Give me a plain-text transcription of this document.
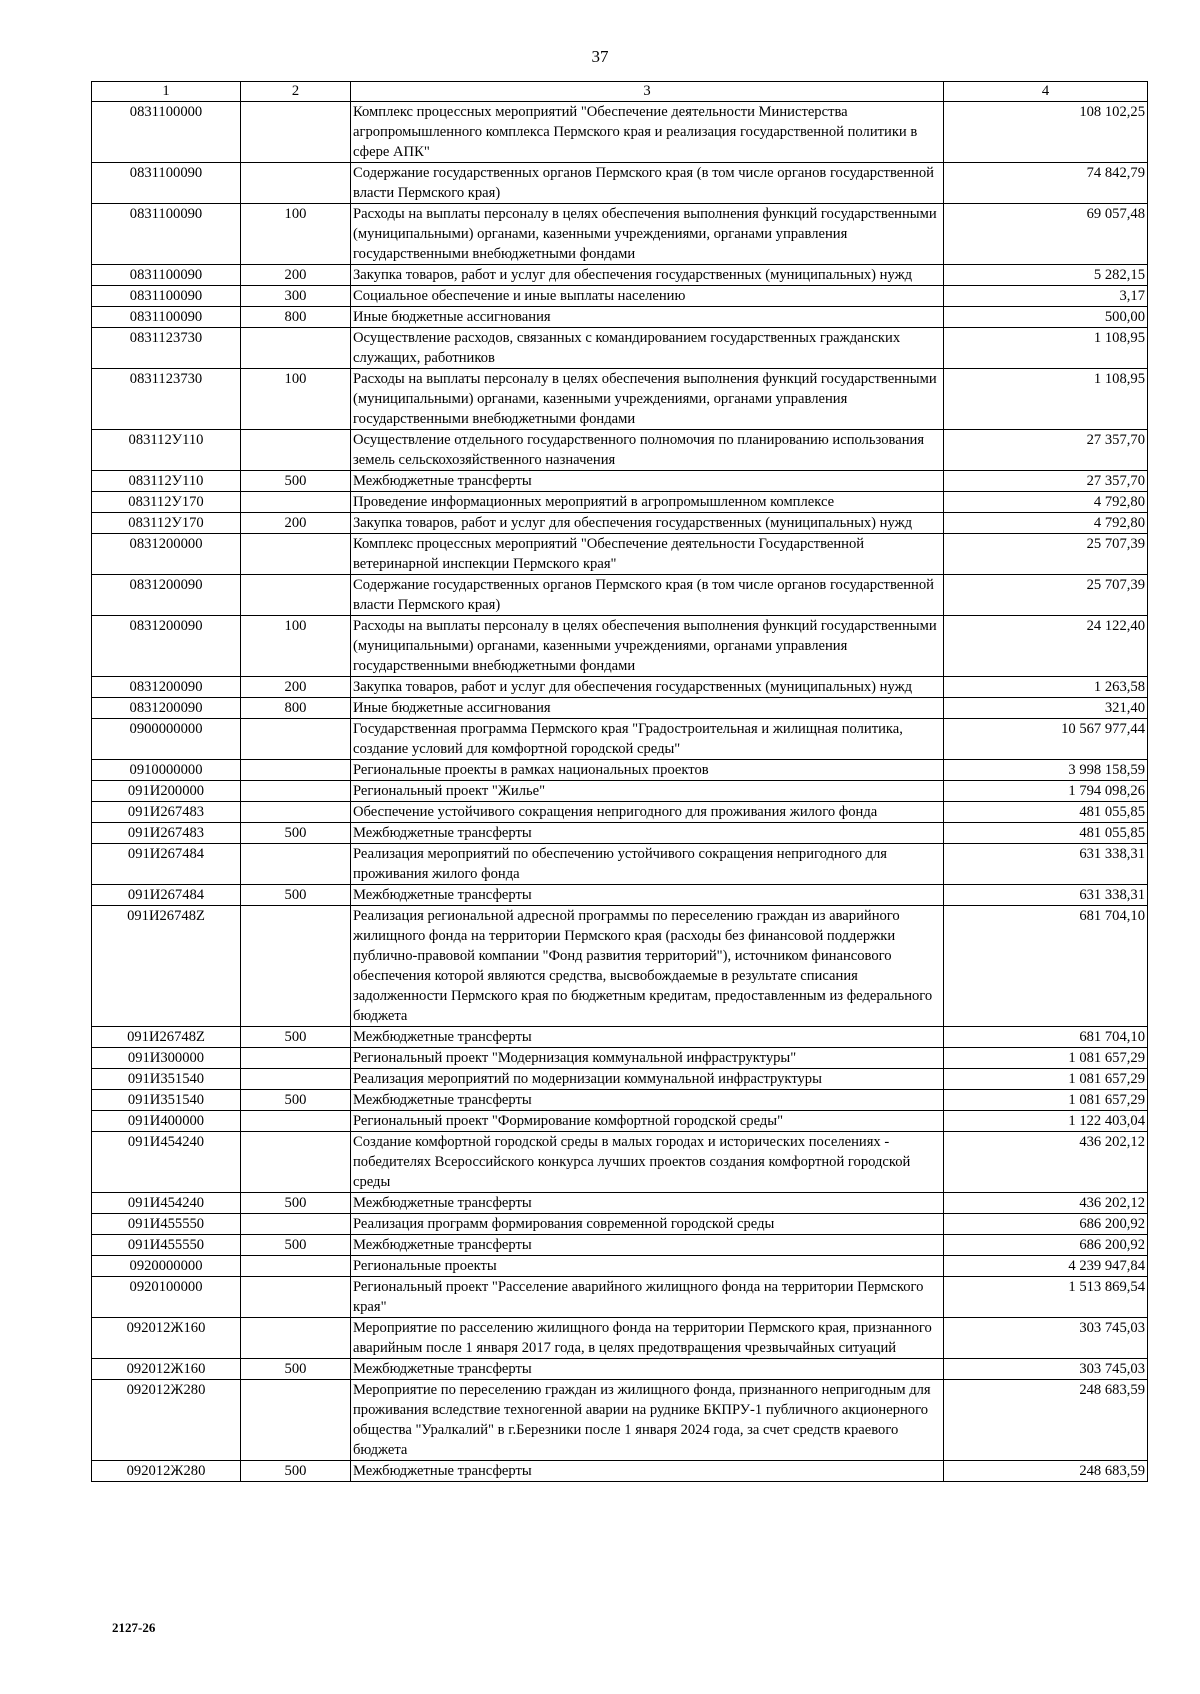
37
1	2	3	4
0831100000		Комплекс процессных мероприятий "Обеспечение деятельности Министерства агропромышленного комплекса Пермского края и реализация государственной политики в сфере АПК"	108 102,25
0831100090		Содержание государственных органов Пермского края (в том числе органов государственной власти Пермского края)	74 842,79
0831100090	100	Расходы на выплаты персоналу в целях обеспечения выполнения функций государственными (муниципальными) органами, казенными учреждениями, органами управления государственными внебюджетными фондами	69 057,48
0831100090	200	Закупка товаров, работ и услуг для обеспечения государственных (муниципальных) нужд	5 282,15
0831100090	300	Социальное обеспечение и иные выплаты населению	3,17
0831100090	800	Иные бюджетные ассигнования	500,00
0831123730		Осуществление расходов, связанных с командированием государственных гражданских служащих, работников	1 108,95
0831123730	100	Расходы на выплаты персоналу в целях обеспечения выполнения функций государственными (муниципальными) органами, казенными учреждениями, органами управления государственными внебюджетными фондами	1 108,95
083112У110		Осуществление отдельного государственного полномочия по планированию использования земель сельскохозяйственного назначения	27 357,70
083112У110	500	Межбюджетные трансферты	27 357,70
083112У170		Проведение информационных мероприятий в агропромышленном комплексе	4 792,80
083112У170	200	Закупка товаров, работ и услуг для обеспечения государственных (муниципальных) нужд	4 792,80
0831200000		Комплекс процессных мероприятий "Обеспечение деятельности Государственной ветеринарной инспекции Пермского края"	25 707,39
0831200090		Содержание государственных органов Пермского края (в том числе органов государственной власти Пермского края)	25 707,39
0831200090	100	Расходы на выплаты персоналу в целях обеспечения выполнения функций государственными (муниципальными) органами, казенными учреждениями, органами управления государственными внебюджетными фондами	24 122,40
0831200090	200	Закупка товаров, работ и услуг для обеспечения государственных (муниципальных) нужд	1 263,58
0831200090	800	Иные бюджетные ассигнования	321,40
0900000000		Государственная программа Пермского края "Градостроительная и жилищная политика, создание условий для комфортной городской среды"	10 567 977,44
0910000000		Региональные проекты в рамках национальных проектов	3 998 158,59
091И200000		Региональный проект "Жилье"	1 794 098,26
091И267483		Обеспечение устойчивого сокращения непригодного для проживания жилого фонда	481 055,85
091И267483	500	Межбюджетные трансферты	481 055,85
091И267484		Реализация мероприятий по обеспечению устойчивого сокращения непригодного для проживания жилого фонда	631 338,31
091И267484	500	Межбюджетные трансферты	631 338,31
091И26748Z		Реализация региональной адресной программы по переселению граждан из аварийного жилищного фонда на территории Пермского края (расходы без финансовой поддержки публично-правовой компании "Фонд развития территорий"), источником финансового обеспечения которой являются средства, высвобождаемые в результате списания задолженности Пермского края по бюджетным кредитам, предоставленным из федерального бюджета	681 704,10
091И26748Z	500	Межбюджетные трансферты	681 704,10
091И300000		Региональный проект "Модернизация коммунальной инфраструктуры"	1 081 657,29
091И351540		Реализация мероприятий по модернизации коммунальной инфраструктуры	1 081 657,29
091И351540	500	Межбюджетные трансферты	1 081 657,29
091И400000		Региональный проект "Формирование комфортной городской среды"	1 122 403,04
091И454240		Создание комфортной городской среды в малых городах и исторических поселениях - победителях Всероссийского конкурса лучших проектов создания комфортной городской среды	436 202,12
091И454240	500	Межбюджетные трансферты	436 202,12
091И455550		Реализация программ формирования современной городской среды	686 200,92
091И455550	500	Межбюджетные трансферты	686 200,92
0920000000		Региональные проекты	4 239 947,84
0920100000		Региональный проект "Расселение аварийного жилищного фонда на территории Пермского края"	1 513 869,54
092012Ж160		Мероприятие по расселению жилищного фонда на территории Пермского края, признанного аварийным после 1 января 2017 года, в целях предотвращения чрезвычайных ситуаций	303 745,03
092012Ж160	500	Межбюджетные трансферты	303 745,03
092012Ж280		Мероприятие по переселению граждан из жилищного фонда, признанного непригодным для проживания вследствие техногенной аварии на руднике БКПРУ-1 публичного акционерного общества "Уралкалий" в г.Березники после 1 января 2024 года, за счет средств краевого бюджета	248 683,59
092012Ж280	500	Межбюджетные трансферты	248 683,59
2127-26
